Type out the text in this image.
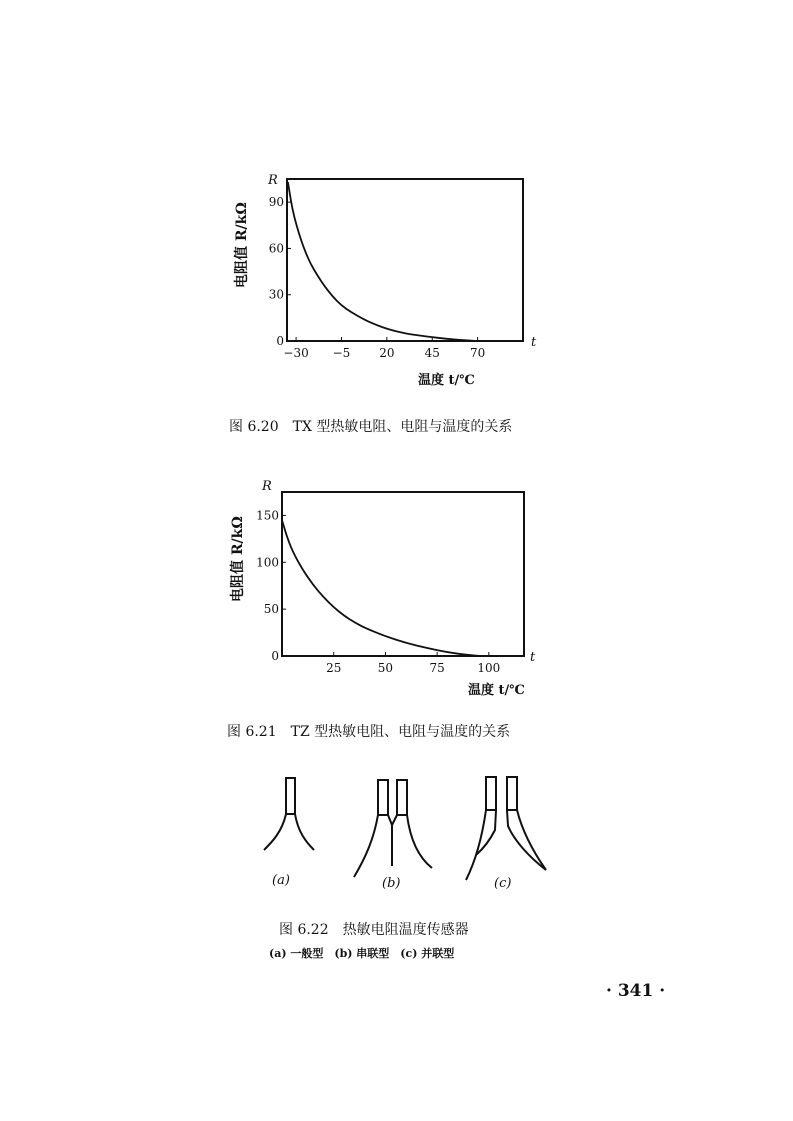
R
t
电阻值 R/kΩ
温度 t/℃
0
30
60
90
−30 −5 20	45	70
R
t
电阻值 R/kΩ
温度 t/℃
0
50
100
150
25	50	75	100
(a)	(b)	(c)
图 6.20　TX 型热敏电阻、电阻与温度的关系
图 6.21　TZ 型热敏电阻、电阻与温度的关系
图 6.22　热敏电阻温度传感器
(a) 一般型　(b) 串联型　(c) 并联型
· 341 ·
